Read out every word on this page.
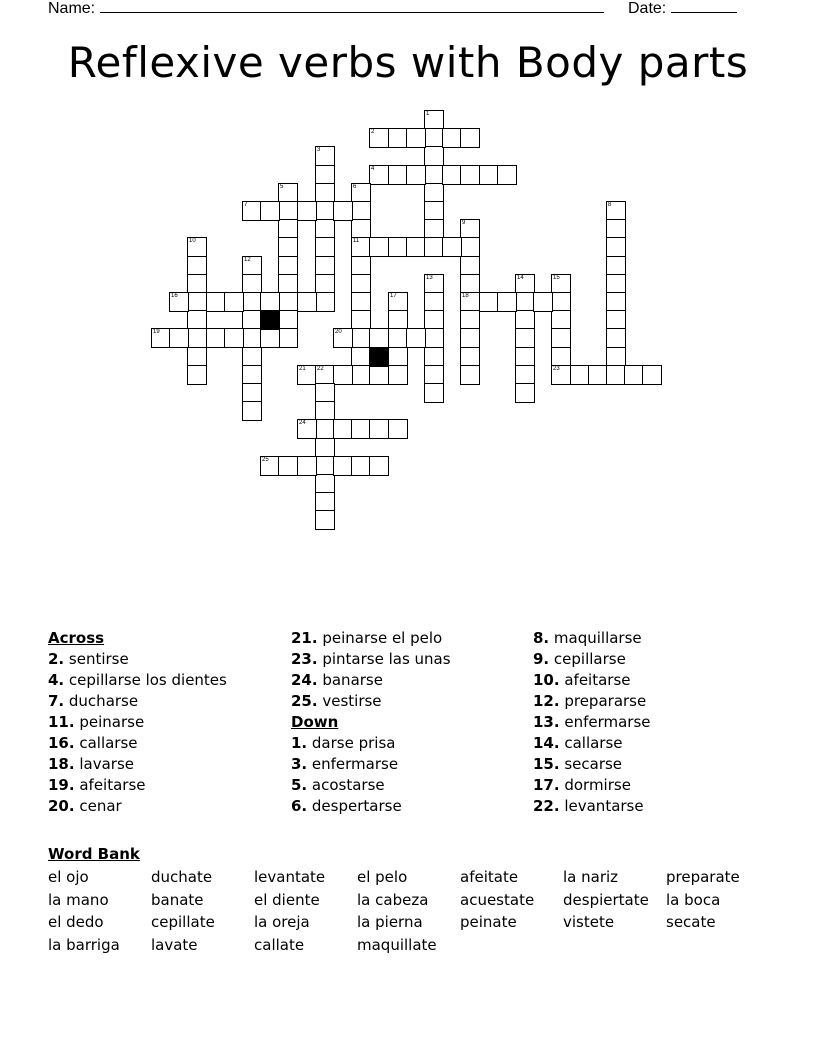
Name:	Date:
Reflexive verbs with Body parts
1
2
3
4
5	6
11
7	8
9
18
10
12
13	14	15
23
16	17
19	20
21 22
24
25
Across
2. sentirse
4. cepillarse los dientes
7. ducharse
11. peinarse
16. callarse
18. lavarse
19. afeitarse
20. cenar
21. peinarse el pelo
23. pintarse las unas
24. banarse
25. vestirse
Down
1. darse prisa
3. enfermarse
5. acostarse
6. despertarse
8. maquillarse
9. cepillarse
10. afeitarse
12. prepararse
13. enfermarse
14. callarse
15. secarse
17. dormirse
22. levantarse
Word Bank
el ojo	duchate	levantate	el pelo	afeitate	la nariz	preparate
la mano	banate	el diente	la cabeza	acuestate	despiertate	la boca
el dedo	cepillate	la oreja	la pierna	peinate	vistete	secate
la barriga	lavate	callate	maquillate
